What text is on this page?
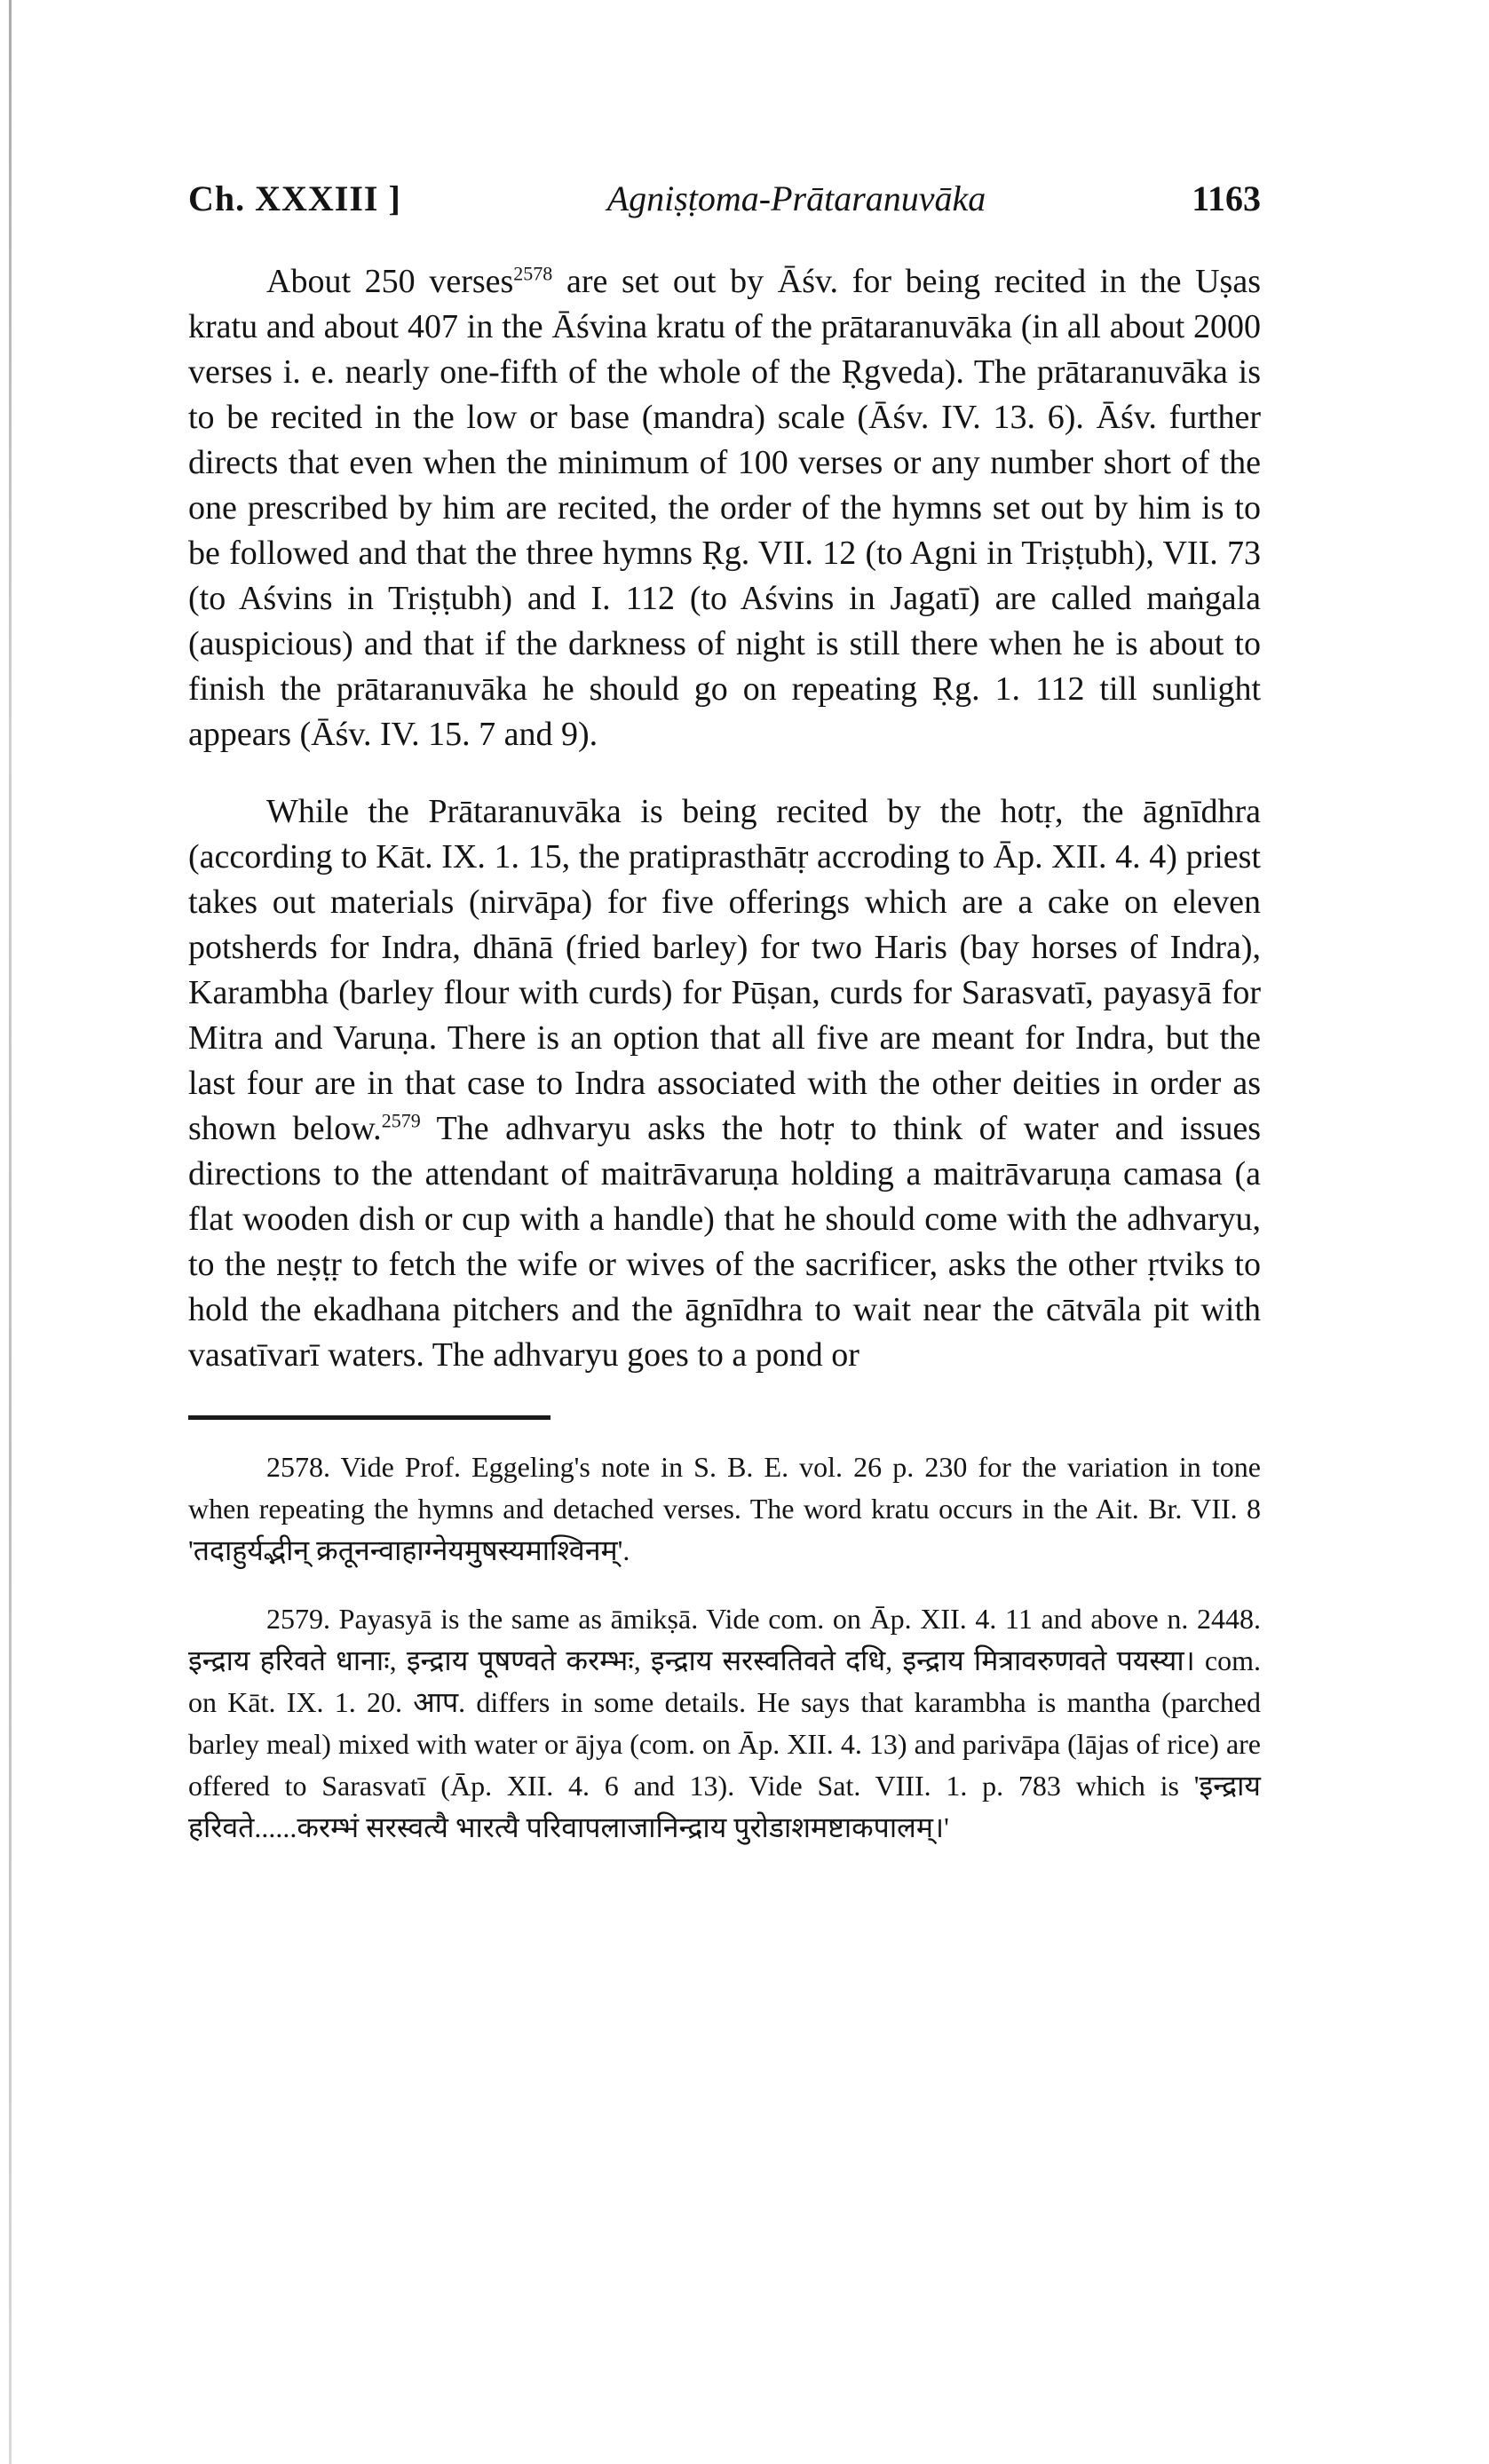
Ch. XXXIII ]	Agniṣṭoma-Prātaranuvāka	1163

About 250 verses$^{2578}$ are set out by Āśv. for being recited in the Uṣas kratu and about 407 in the Āśvina kratu of the prātaranuvāka (in all about 2000 verses i. e. nearly one-fifth of the whole of the Ṛgveda). The prātaranuvāka is to be recited in the low or base (mandra) scale (Āśv. IV. 13. 6). Āśv. further directs that even when the minimum of 100 verses or any number short of the one prescribed by him are recited, the order of the hymns set out by him is to be followed and that the three hymns Ṛg. VII. 12 (to Agni in Triṣṭubh), VII. 73 (to Aśvins in Triṣṭubh) and I. 112 (to Aśvins in Jagatī) are called maṅgala (auspicious) and that if the darkness of night is still there when he is about to finish the prātaranuvāka he should go on repeating Ṛg. 1. 112 till sunlight appears (Āśv. IV. 15. 7 and 9).

While the Prātaranuvāka is being recited by the hotṛ, the āgnīdhra (according to Kāt. IX. 1. 15, the pratiprasthātṛ accroding to Āp. XII. 4. 4) priest takes out materials (nirvāpa) for five offerings which are a cake on eleven potsherds for Indra, dhānā (fried barley) for two Haris (bay horses of Indra), Karambha (barley flour with curds) for Pūṣan, curds for Sarasvatī, payasyā for Mitra and Varuṇa. There is an option that all five are meant for Indra, but the last four are in that case to Indra associated with the other deities in order as shown below.$^{2579}$ The adhvaryu asks the hotṛ to think of water and issues directions to the attendant of maitrāvaruṇa holding a maitrāvaruṇa camasa (a flat wooden dish or cup with a handle) that he should come with the adhvaryu, to the neṣṭṛ to fetch the wife or wives of the sacrificer, asks the other ṛtviks to hold the ekadhana pitchers and the āgnīdhra to wait near the cātvāla pit with vasatīvarī waters. The adhvaryu goes to a pond or

2578. Vide Prof. Eggeling's note in S. B. E. vol. 26 p. 230 for the variation in tone when repeating the hymns and detached verses. The word kratu occurs in the Ait. Br. VII. 8 'तदाहुर्यद्भीन् क्रतूनन्वाहाग्नेयमुषस्यमाश्विनम्'.

2579. Payasyā is the same as āmikṣā. Vide com. on Āp. XII. 4. 11 and above n. 2448. इन्द्राय हरिवते धानाः, इन्द्राय पूषण्वते करम्भः, इन्द्राय सरस्वतिवते दधि, इन्द्राय मित्रावरुणवते पयस्या। com. on Kāt. IX. 1. 20. आप. differs in some details. He says that karambha is mantha (parched barley meal) mixed with water or ājya (com. on Āp. XII. 4. 13) and parivāpa (lājas of rice) are offered to Sarasvatī (Āp. XII. 4. 6 and 13). Vide Sat. VIII. 1. p. 783 which is 'इन्द्राय हरिवते......करम्भं सरस्वत्यै भारत्यै परिवापलाजानिन्द्राय पुरोडाशमष्टाकपालम्।'
